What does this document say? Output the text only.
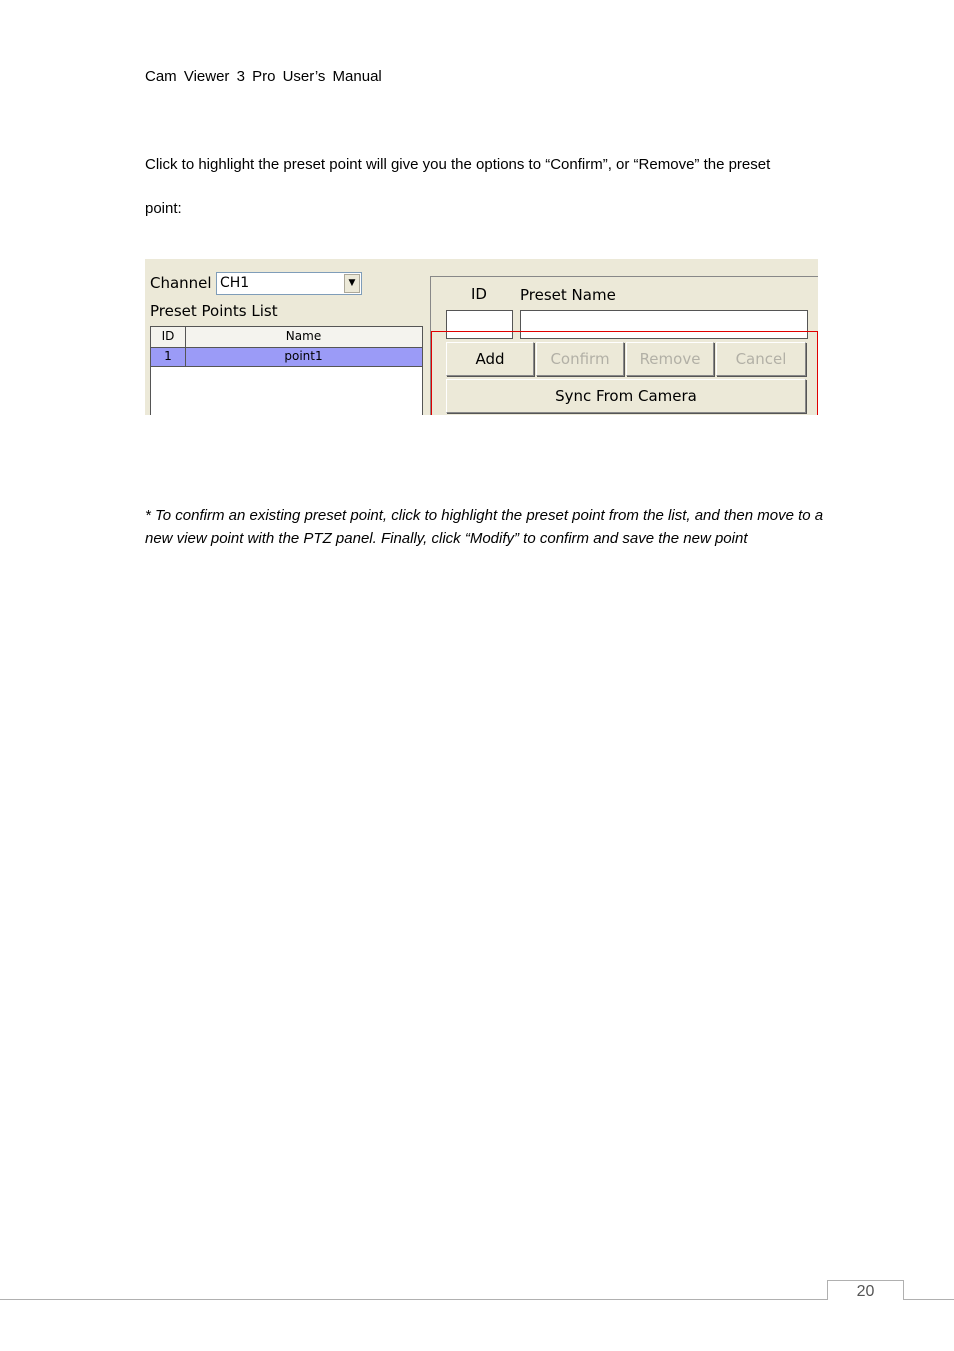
Cam Viewer 3 Pro User’s Manual

Click to highlight the preset point will give you the options to “Confirm”, or “Remove” the preset

point:

Channel CH1	▼
Preset Points List
ID	Name
1	point1
ID Preset Name
Add	Confirm	Remove	Cancel
Sync From Camera
* To confirm an existing preset point, click to highlight the preset point from the list, and then move to a new view point with the PTZ panel. Finally, click “Modify” to confirm and save the new point
20
